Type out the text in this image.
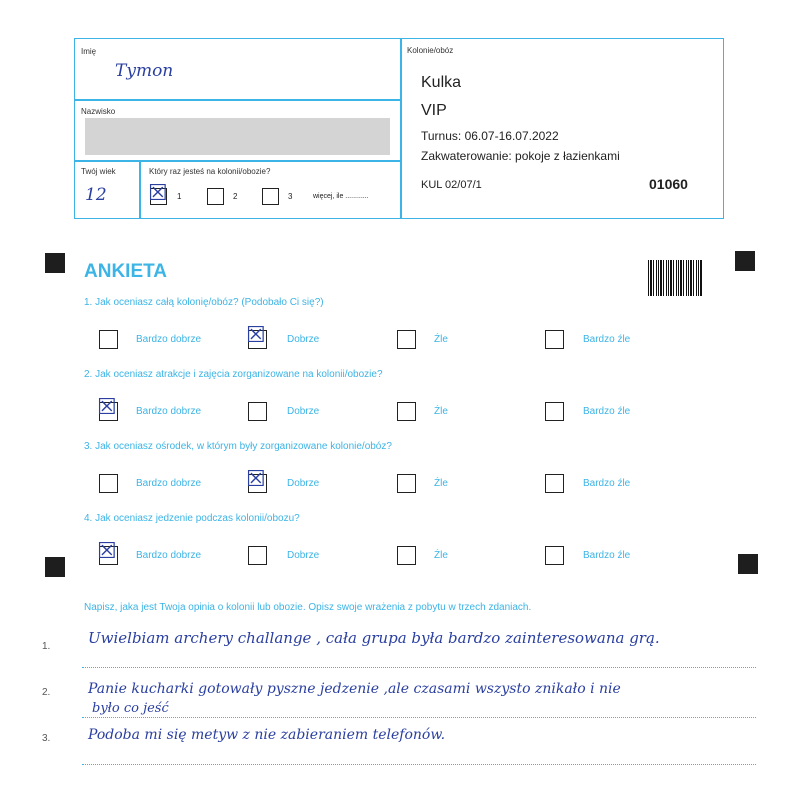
Imię
Tymon
Nazwisko
Twój wiek
12
Który raz jesteś na kolonii/obozie?
Kolonie/obóz
Kulka
VIP
Turnus: 06.07-16.07.2022
Zakwaterowanie: pokoje z łazienkami
KUL 02/07/1	01060
☒ 1	2	3	więcej, ile ............
ANKIETA
1. Jak oceniasz całą kolonię/obóz? (Podobało Ci się?)
Bardzo dobrze ☒ Dobrze	Źle	Bardzo źle
2. Jak oceniasz atrakcje i zajęcia zorganizowane na kolonii/obozie?
☒ Bardzo dobrze	Dobrze	Źle	Bardzo źle
3. Jak oceniasz ośrodek, w którym były zorganizowane kolonie/obóz?
Bardzo dobrze ☒ Dobrze	Źle	Bardzo źle
4. Jak oceniasz jedzenie podczas kolonii/obozu?
☒ Bardzo dobrze	Dobrze	Źle	Bardzo źle
Napisz, jaka jest Twoja opinia o kolonii lub obozie. Opisz swoje wrażenia z pobytu w trzech zdaniach.
1.
2.
3.
Uwielbiam archery challange , cała grupa była bardzo zainteresowana grą.
Panie kucharki gotowały pyszne jedzenie ,ale czasami wszysto znikało i nie
było co jeść
Podoba mi się metyw z nie zabieraniem telefonów.
